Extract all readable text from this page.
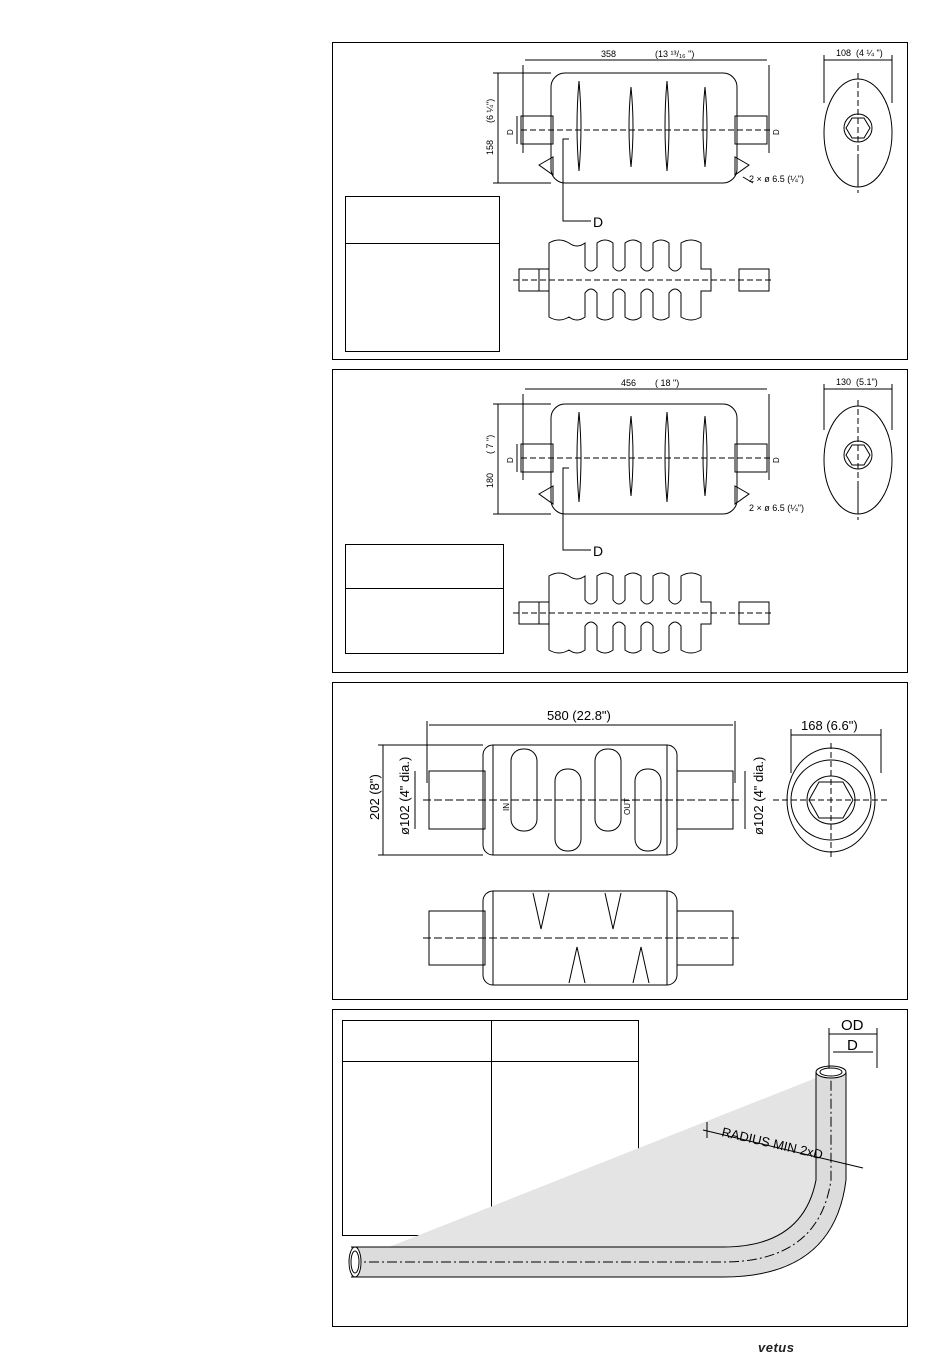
358	(13 ¹³/₁₆ ")	108 (4 ¼ ")
158
(6 ¼")
D	D
2 × ø 6.5 (¼")
D
456 ( 18 ")	130 (5.1")
180
( 7 ")
D	D
2 × ø 6.5 (¼")
D
580 (22.8")
168 (6.6")
202 (8") ø102 (4" dia.)	ø102 (4" dia.)
IN	OUT
OD
D
RADIUS MIN 2xD
vetus
